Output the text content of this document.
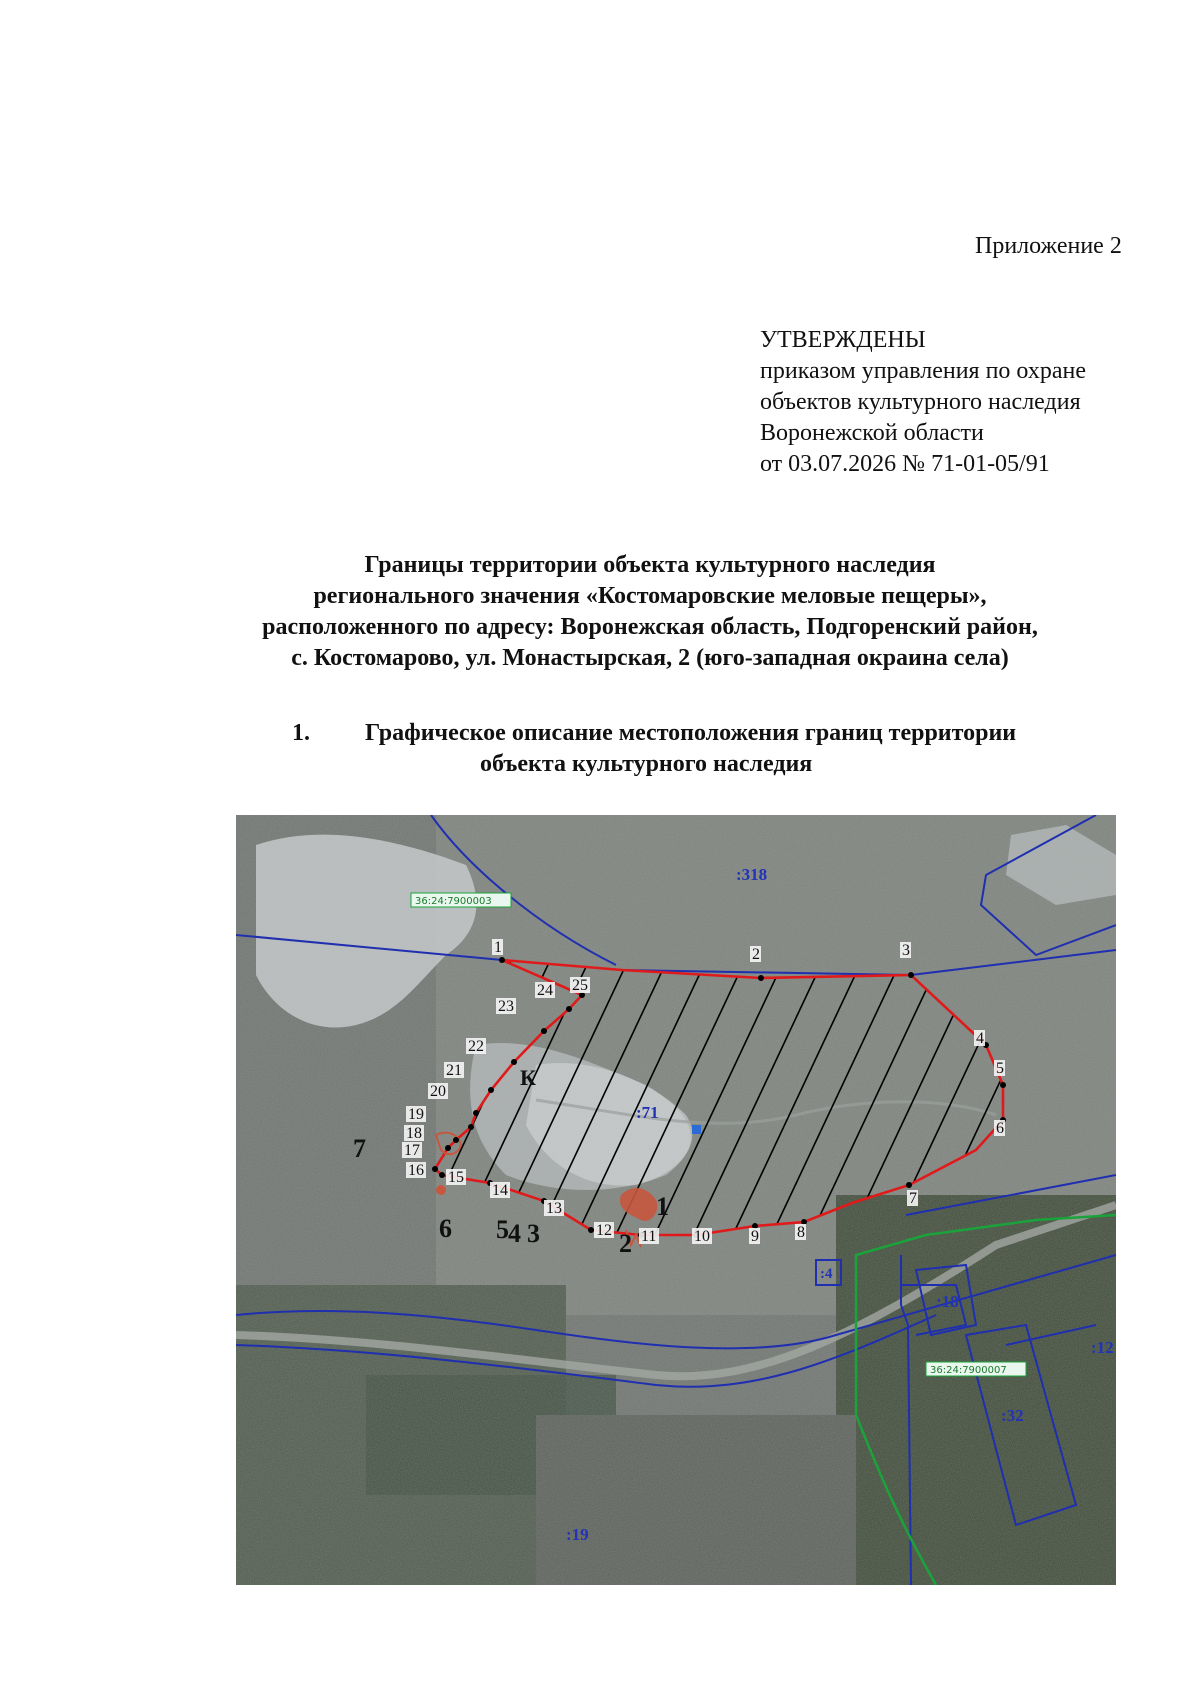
Приложение 2
УТВЕРЖДЕНЫ
приказом управления по охране
объектов культурного наследия
Воронежской области
от 03.07.2026 № 71-01-05/91
Границы территории объекта культурного наследия
регионального значения «Костомаровские меловые пещеры»,
расположенного по адресу: Воронежская область, Подгоренский район,
с. Костомарово, ул. Монастырская, 2 (юго-западная окраина села)
1. Графическое описание местоположения границ территории
объекта культурного наследия
36:24:7900003
36:24:7900007
:318
:71
:4
:18
:12
:32
:19
К
1
2
3
4
5
6
7
1	2	3
4
5
6
7
8
9
10
11
12
13
14
15
16
17
18
19
20
21
22
23
24 25
